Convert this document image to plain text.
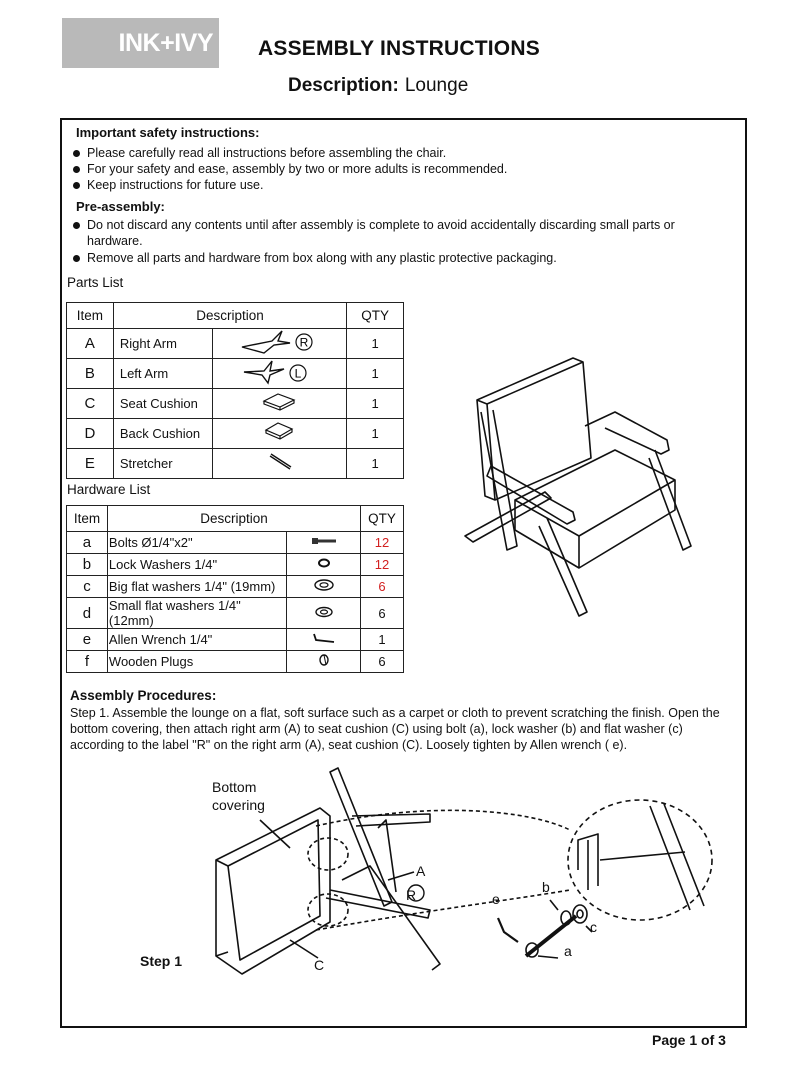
INK+IVY ASSEMBLY INSTRUCTIONS
Description: Lounge
Important safety instructions:
Please carefully read all instructions before assembling the chair.
For your safety and ease, assembly by two or more adults is recommended.
Keep instructions for future use.
Pre-assembly:
Do not discard any contents until after assembly is complete to avoid accidentally discarding small parts or hardware.
Remove all parts and hardware from box along with any plastic protective packaging.
Parts List
Item	Description		QTY
A	Right Arm	R	1
B	Left Arm	L	1
C	Seat Cushion		1
D	Back Cushion		1
E	Stretcher		1
Hardware List
Item	Description		QTY
a	Bolts Ø1/4"x2"		12
b	Lock Washers 1/4"		12
c	Big flat washers 1/4" (19mm)		6
d	Small flat washers 1/4" (12mm)		6
e	Allen Wrench 1/4"		1
f	Wooden Plugs		6
Assembly Procedures:
Step 1. Assemble the lounge on a flat, soft surface such as a carpet or cloth to prevent scratching the finish. Open the bottom covering, then attach right arm (A) to seat cushion (C) using bolt (a), lock washer (b) and flat washer (c) according to the label "R" on the right arm (A), seat cushion (C). Loosely tighten by Allen wrench ( e).
Bottom
covering
Step 1	C
A
R	e
b
c
a
Page 1 of 3
